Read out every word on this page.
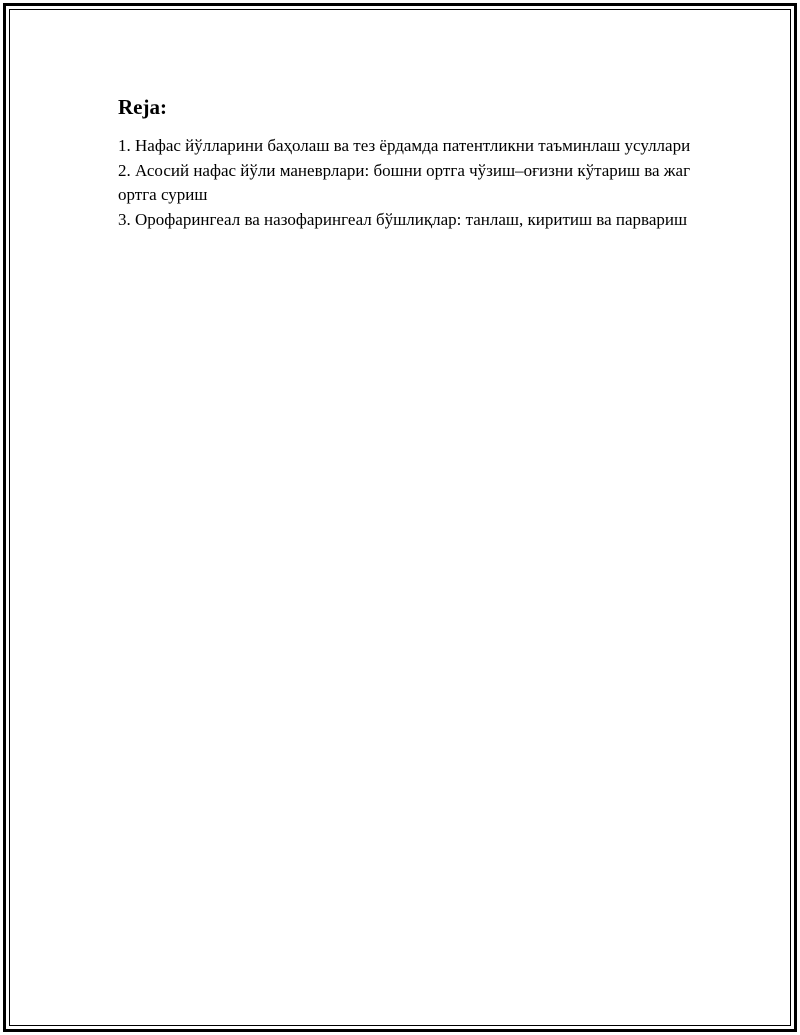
Reja:
1. Нафас йўлларини баҳолаш ва тез ёрдамда патентликни таъминлаш усуллари
2. Асосий нафас йўли маневрлари: бошни ортга чўзиш–оғизни кўтариш ва жаг ортга суриш
3. Орофарингеал ва назофарингеал бўшлиқлар: танлаш, киритиш ва парвариш
